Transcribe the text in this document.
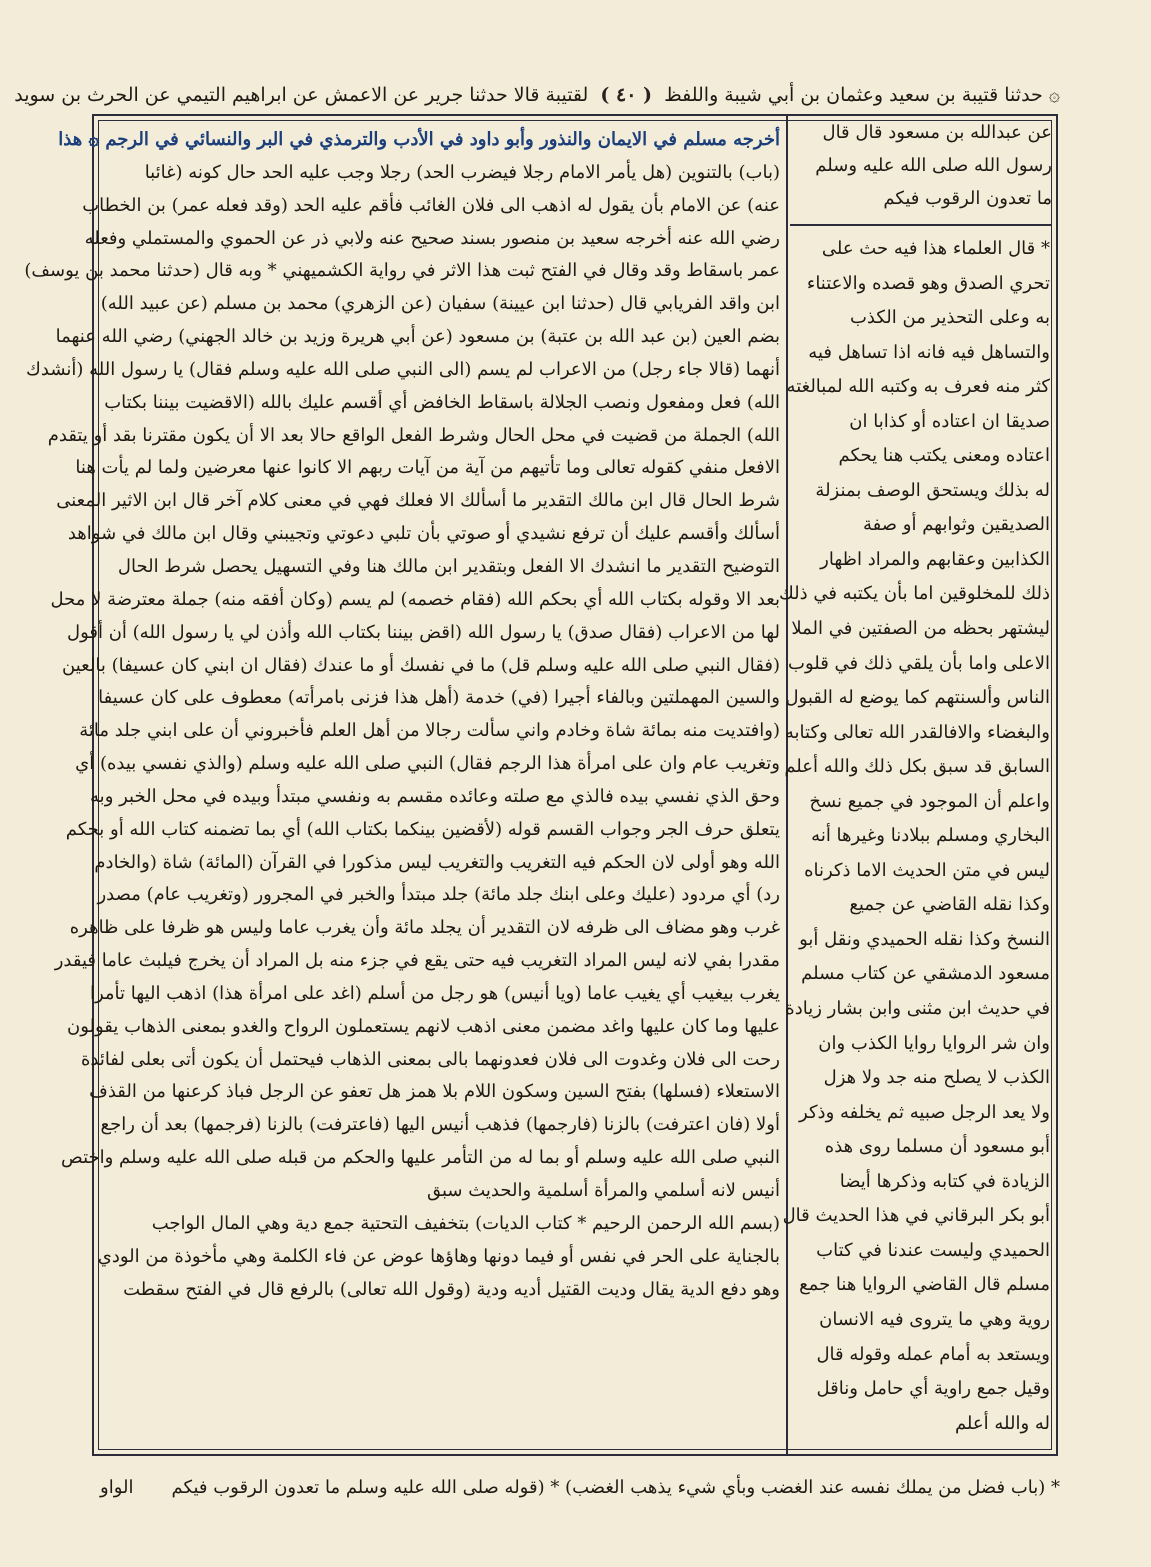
۞ حدثنا قتيبة بن سعيد وعثمان بن أبي شيبة واللفظ ( ٤٠ ) لقتيبة قالا حدثنا جرير عن الاعمش عن ابراهيم التيمي عن الحرث بن سويد
عن عبدالله بن مسعود قال قال
رسول الله صلى الله عليه وسلم
ما تعدون الرقوب فيكم
* قال العلماء هذا فيه حث على
تحري الصدق وهو قصده والاعتناء
به وعلى التحذير من الكذب
والتساهل فيه فانه اذا تساهل فيه
كثر منه فعرف به وكتبه الله لمبالغته
صديقا ان اعتاده أو كذابا ان
اعتاده ومعنى يكتب هنا يحكم
له بذلك ويستحق الوصف بمنزلة
الصديقين وثوابهم أو صفة
الكذابين وعقابهم والمراد اظهار
ذلك للمخلوقين اما بأن يكتبه في ذلك
ليشتهر بحظه من الصفتين في الملا
الاعلى واما بأن يلقي ذلك في قلوب
الناس وألسنتهم كما يوضع له القبول
والبغضاء والافالقدر الله تعالى وكتابه
السابق قد سبق بكل ذلك والله أعلم
واعلم أن الموجود في جميع نسخ
البخاري ومسلم ببلادنا وغيرها أنه
ليس في متن الحديث الاما ذكرناه
وكذا نقله القاضي عن جميع
النسخ وكذا نقله الحميدي ونقل أبو
مسعود الدمشقي عن كتاب مسلم
في حديث ابن مثنى وابن بشار زيادة
وان شر الروايا روايا الكذب وان
الكذب لا يصلح منه جد ولا هزل
ولا يعد الرجل صبيه ثم يخلفه وذكر
أبو مسعود أن مسلما روى هذه
الزيادة في كتابه وذكرها أيضا
أبو بكر البرقاني في هذا الحديث قال
الحميدي وليست عندنا في كتاب
مسلم قال القاضي الروايا هنا جمع
روية وهي ما يتروى فيه الانسان
ويستعد به أمام عمله وقوله قال
وقيل جمع راوية أي حامل وناقل
له والله أعلم
أخرجه مسلم في الايمان والنذور وأبو داود في الأدب والترمذي في البر والنسائي في الرجم ۞ هذا
(باب) بالتنوين (هل يأمر الامام رجلا فيضرب الحد) رجلا وجب عليه الحد حال كونه (غائبا
عنه) عن الامام بأن يقول له اذهب الى فلان الغائب فأقم عليه الحد (وقد فعله عمر) بن الخطاب
رضي الله عنه أخرجه سعيد بن منصور بسند صحيح عنه ولابي ذر عن الحموي والمستملي وفعله
عمر باسقاط وقد وقال في الفتح ثبت هذا الاثر في رواية الكشميهني * وبه قال (حدثنا محمد بن يوسف)
ابن واقد الفريابي قال (حدثنا ابن عيينة) سفيان (عن الزهري) محمد بن مسلم (عن عبيد الله)
بضم العين (بن عبد الله بن عتبة) بن مسعود (عن أبي هريرة وزيد بن خالد الجهني) رضي الله عنهما
أنهما (قالا جاء رجل) من الاعراب لم يسم (الى النبي صلى الله عليه وسلم فقال) يا رسول الله (أنشدك
الله) فعل ومفعول ونصب الجلالة باسقاط الخافض أي أقسم عليك بالله (الاقضيت بيننا بكتاب
الله) الجملة من قضيت في محل الحال وشرط الفعل الواقع حالا بعد الا أن يكون مقترنا بقد أو يتقدم
الافعل منفي كقوله تعالى وما تأتيهم من آية من آيات ربهم الا كانوا عنها معرضين ولما لم يأت هنا
شرط الحال قال ابن مالك التقدير ما أسألك الا فعلك فهي في معنى كلام آخر قال ابن الاثير المعنى
أسألك وأقسم عليك أن ترفع نشيدي أو صوتي بأن تلبي دعوتي وتجيبني وقال ابن مالك في شواهد
التوضيح التقدير ما انشدك الا الفعل وبتقدير ابن مالك هنا وفي التسهيل يحصل شرط الحال
بعد الا وقوله بكتاب الله أي بحكم الله (فقام خصمه) لم يسم (وكان أفقه منه) جملة معترضة لا محل
لها من الاعراب (فقال صدق) يا رسول الله (اقض بيننا بكتاب الله وأذن لي يا رسول الله) أن أقول
(فقال النبي صلى الله عليه وسلم قل) ما في نفسك أو ما عندك (فقال ان ابني كان عسيفا) بالعين
والسين المهملتين وبالفاء أجيرا (في) خدمة (أهل هذا فزنى بامرأته) معطوف على كان عسيفا
(وافتديت منه بمائة شاة وخادم واني سألت رجالا من أهل العلم فأخبروني أن على ابني جلد مائة
وتغريب عام وان على امرأة هذا الرجم فقال) النبي صلى الله عليه وسلم (والذي نفسي بيده) أي
وحق الذي نفسي بيده فالذي مع صلته وعائده مقسم به ونفسي مبتدأ وبيده في محل الخبر وبه
يتعلق حرف الجر وجواب القسم قوله (لأقضين بينكما بكتاب الله) أي بما تضمنه كتاب الله أو بحكم
الله وهو أولى لان الحكم فيه التغريب والتغريب ليس مذكورا في القرآن (المائة) شاة (والخادم
رد) أي مردود (عليك وعلى ابنك جلد مائة) جلد مبتدأ والخبر في المجرور (وتغريب عام) مصدر
غرب وهو مضاف الى ظرفه لان التقدير أن يجلد مائة وأن يغرب عاما وليس هو ظرفا على ظاهره
مقدرا بفي لانه ليس المراد التغريب فيه حتى يقع في جزء منه بل المراد أن يخرج فيلبث عاما فيقدر
يغرب بيغيب أي يغيب عاما (ويا أنيس) هو رجل من أسلم (اغد على امرأة هذا) اذهب اليها تأمرا
عليها وما كان عليها واغد مضمن معنى اذهب لانهم يستعملون الرواح والغدو بمعنى الذهاب يقولون
رحت الى فلان وغدوت الى فلان فعدونهما بالى بمعنى الذهاب فيحتمل أن يكون أتى بعلى لفائدة
الاستعلاء (فسلها) بفتح السين وسكون اللام بلا همز هل تعفو عن الرجل فباذ كرعنها من القذف
أولا (فان اعترفت) بالزنا (فارجمها) فذهب أنيس اليها (فاعترفت) بالزنا (فرجمها) بعد أن راجع
النبي صلى الله عليه وسلم أو بما له من التأمر عليها والحكم من قبله صلى الله عليه وسلم واختص
أنيس لانه أسلمي والمرأة أسلمية والحديث سبق
(بسم الله الرحمن الرحيم * كتاب الديات) بتخفيف التحتية جمع دية وهي المال الواجب
بالجناية على الحر في نفس أو فيما دونها وهاؤها عوض عن فاء الكلمة وهي مأخوذة من الودي
وهو دفع الدية يقال وديت القتيل أديه ودية (وقول الله تعالى) بالرفع قال في الفتح سقطت
* (باب فضل من يملك نفسه عند الغضب وبأي شيء يذهب الغضب) * (قوله صلى الله عليه وسلم ما تعدون الرقوب فيكم
الواو
